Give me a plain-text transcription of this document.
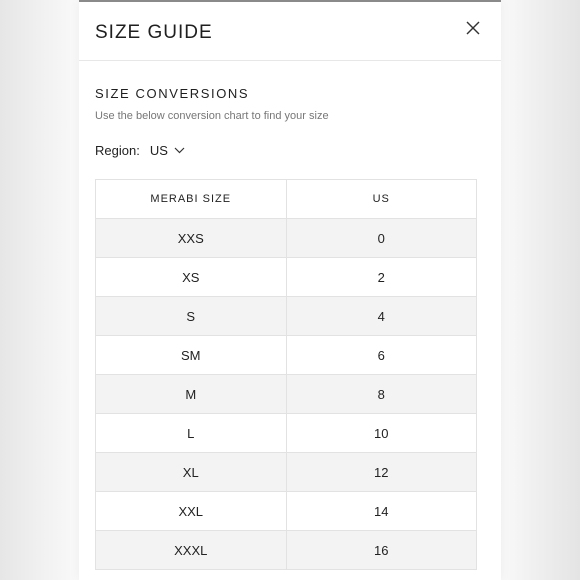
SIZE GUIDE
SIZE CONVERSIONS
Use the below conversion chart to find your size
Region: US
MERABI SIZE	US
XXS	0
XS	2
S	4
SM	6
M	8
L	10
XL	12
XXL	14
XXXL	16
